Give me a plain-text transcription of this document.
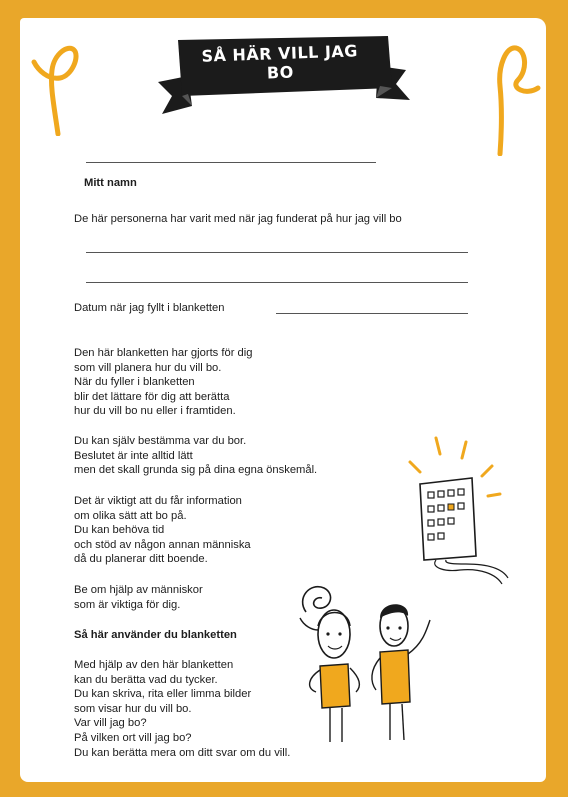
SÅ HÄR VILL JAG BO
Mitt namn
De här personerna har varit med när jag funderat på hur jag vill bo
Datum när jag fyllt i blanketten
Den här blanketten har gjorts för dig
som vill planera hur du vill bo.
När du fyller i blanketten
blir det lättare för dig att berätta
hur du vill bo nu eller i framtiden.
Du kan själv bestämma var du bor.
Beslutet är inte alltid lätt
men det skall grunda sig på dina egna önskemål.
Det är viktigt att du får information
om olika sätt att bo på.
Du kan behöva tid
och stöd av någon annan människa
då du planerar ditt boende.
Be om hjälp av människor
som är viktiga för dig.
Så här använder du blanketten
Med hjälp av den här blanketten
kan du berätta vad du tycker.
Du kan skriva, rita eller limma bilder
som visar hur du vill bo.
Var vill jag bo?
På vilken ort vill jag bo?
Du kan berätta mera om ditt svar om du vill.
